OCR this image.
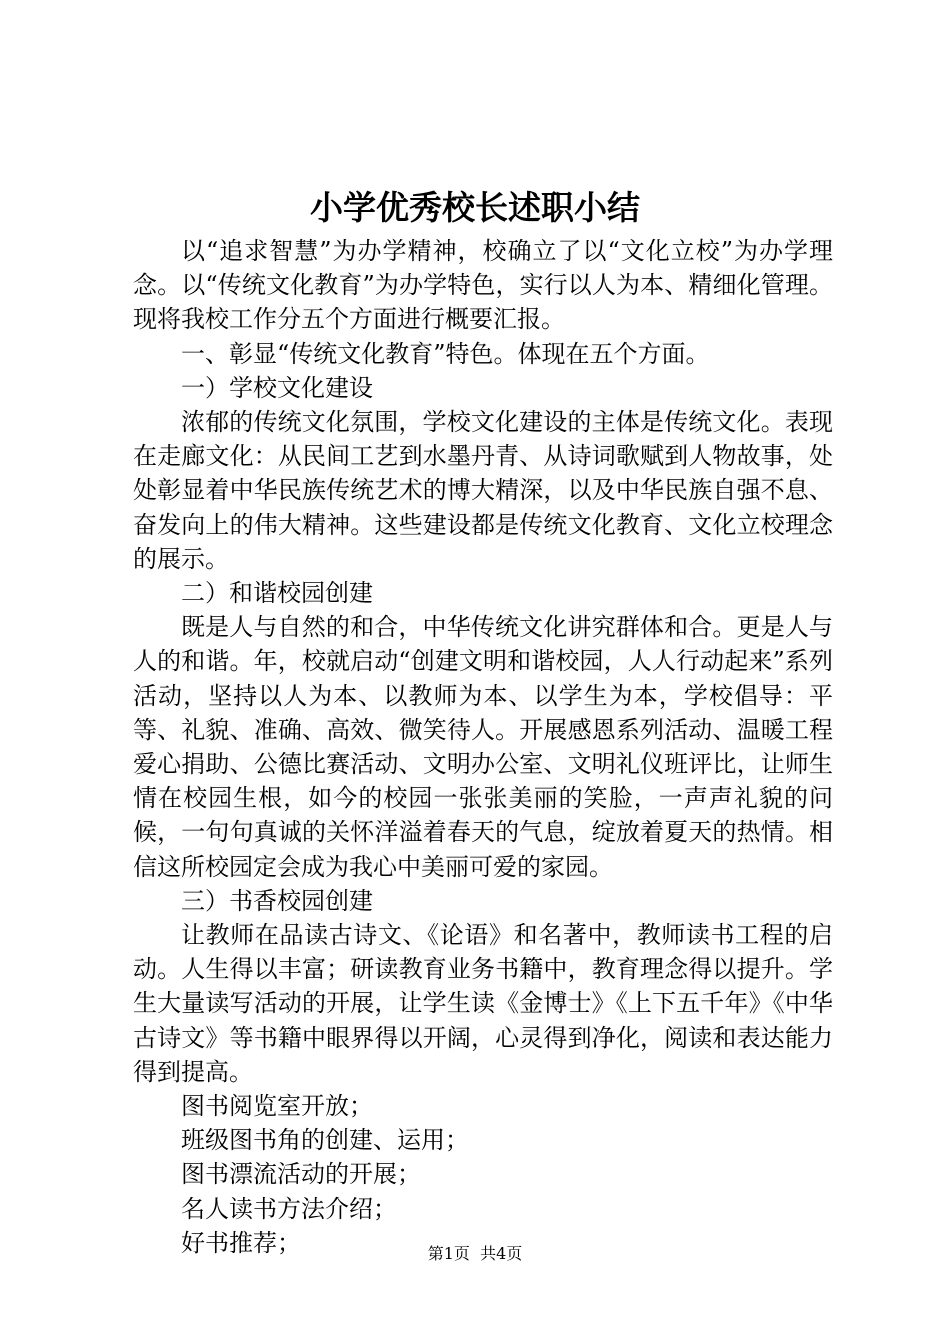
小学优秀校长述职小结

以“追求智慧”为办学精神，校确立了以“文化立校”为办学理念。以“传统文化教育”为办学特色，实行以人为本、精细化管理。现将我校工作分五个方面进行概要汇报。

一、彰显“传统文化教育”特色。体现在五个方面。

一）学校文化建设

浓郁的传统文化氛围，学校文化建设的主体是传统文化。表现在走廊文化：从民间工艺到水墨丹青、从诗词歌赋到人物故事，处处彰显着中华民族传统艺术的博大精深，以及中华民族自强不息、奋发向上的伟大精神。这些建设都是传统文化教育、文化立校理念的展示。

二）和谐校园创建

既是人与自然的和合，中华传统文化讲究群体和合。更是人与人的和谐。年，校就启动“创建文明和谐校园，人人行动起来”系列活动，坚持以人为本、以教师为本、以学生为本，学校倡导：平等、礼貌、准确、高效、微笑待人。开展感恩系列活动、温暖工程爱心捐助、公德比赛活动、文明办公室、文明礼仪班评比，让师生情在校园生根，如今的校园一张张美丽的笑脸，一声声礼貌的问候，一句句真诚的关怀洋溢着春天的气息，绽放着夏天的热情。相信这所校园定会成为我心中美丽可爱的家园。

三）书香校园创建

让教师在品读古诗文、《论语》和名著中，教师读书工程的启动。人生得以丰富；研读教育业务书籍中，教育理念得以提升。学生大量读写活动的开展，让学生读《金博士》《上下五千年》《中华古诗文》等书籍中眼界得以开阔，心灵得到净化，阅读和表达能力得到提高。

图书阅览室开放；

班级图书角的创建、运用；

图书漂流活动的开展；

名人读书方法介绍；

好书推荐；	第1页  共4页
